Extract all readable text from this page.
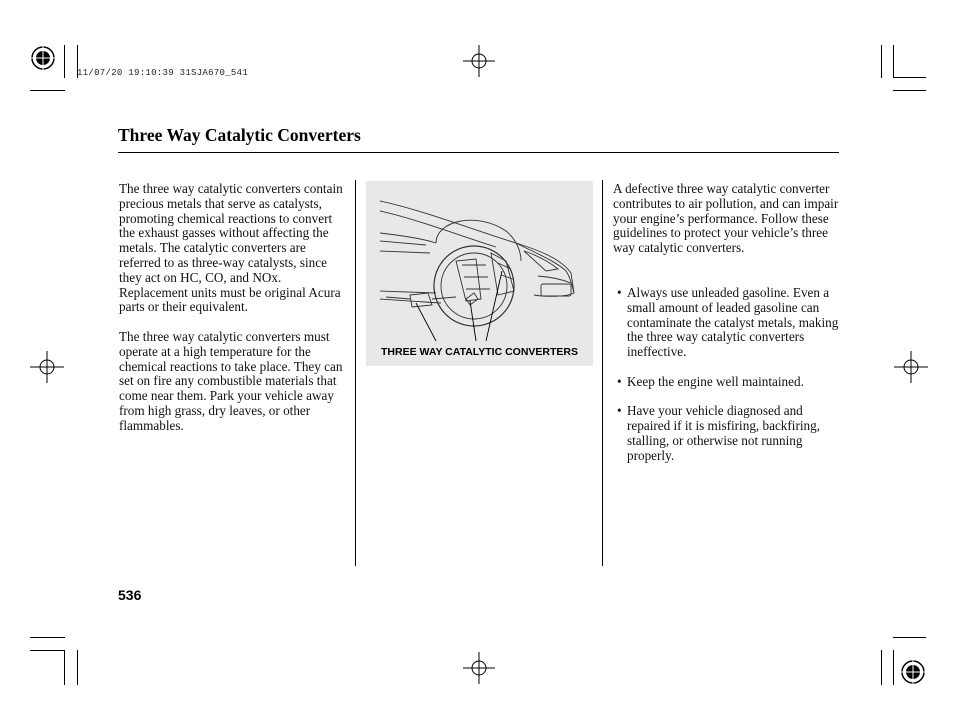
11/07/20 19:10:39 31SJA670_541
Three Way Catalytic Converters

The three way catalytic converters contain precious metals that serve as catalysts, promoting chemical reactions to convert the exhaust gasses without affecting the metals. The catalytic converters are referred to as three-way catalysts, since they act on HC, CO, and NOx. Replacement units must be original Acura parts or their equivalent.

The three way catalytic converters must operate at a high temperature for the chemical reactions to take place. They can set on fire any combustible materials that come near them. Park your vehicle away from high grass, dry leaves, or other flammables.

THREE WAY CATALYTIC CONVERTERS

A defective three way catalytic converter contributes to air pollution, and can impair your engine’s performance. Follow these guidelines to protect your vehicle’s three way catalytic converters.

• Always use unleaded gasoline. Even a small amount of leaded gasoline can contaminate the catalyst metals, making the three way catalytic converters ineffective.
• Keep the engine well maintained.
• Have your vehicle diagnosed and repaired if it is misfiring, backfiring, stalling, or otherwise not running properly.
536
